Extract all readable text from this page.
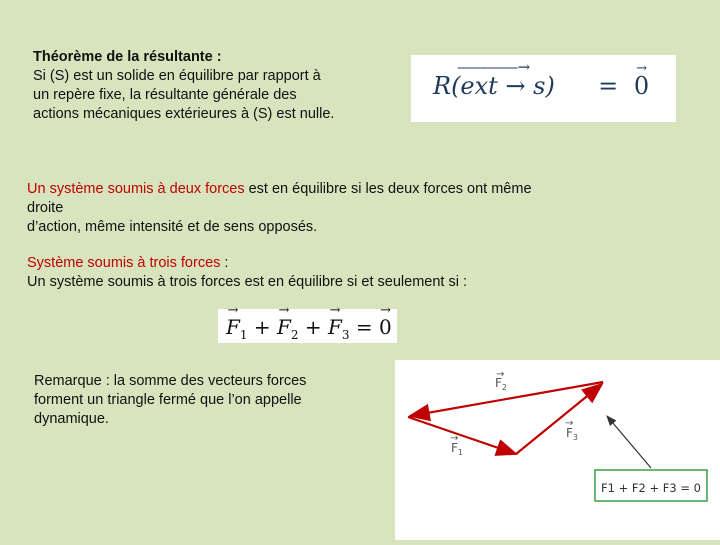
Théorème de la résultante :
Si (S) est un solide en équilibre par rapport à
un repère fixe, la résultante générale des
actions mécaniques extérieures à (S) est nulle.
⎯⎯⎯⎯⎯⎯⎯⎯→
R(ext → s) =
→
0
Un système soumis à deux forces est en équilibre si les deux forces ont même
droite
d’action, même intensité et de sens opposés.
Système soumis à trois forces :
Un système soumis à trois forces est en équilibre si et seulement si :
→
$F_1$ +
→
$F_2$ +
→
$F_3$ =
→
0
Remarque : la somme des vecteurs forces
forment un triangle fermé que l’on appelle
dynamique.
→
$F_2$
→
$F_1$
→
$F_3$
F1 + F2 + F3 = 0
